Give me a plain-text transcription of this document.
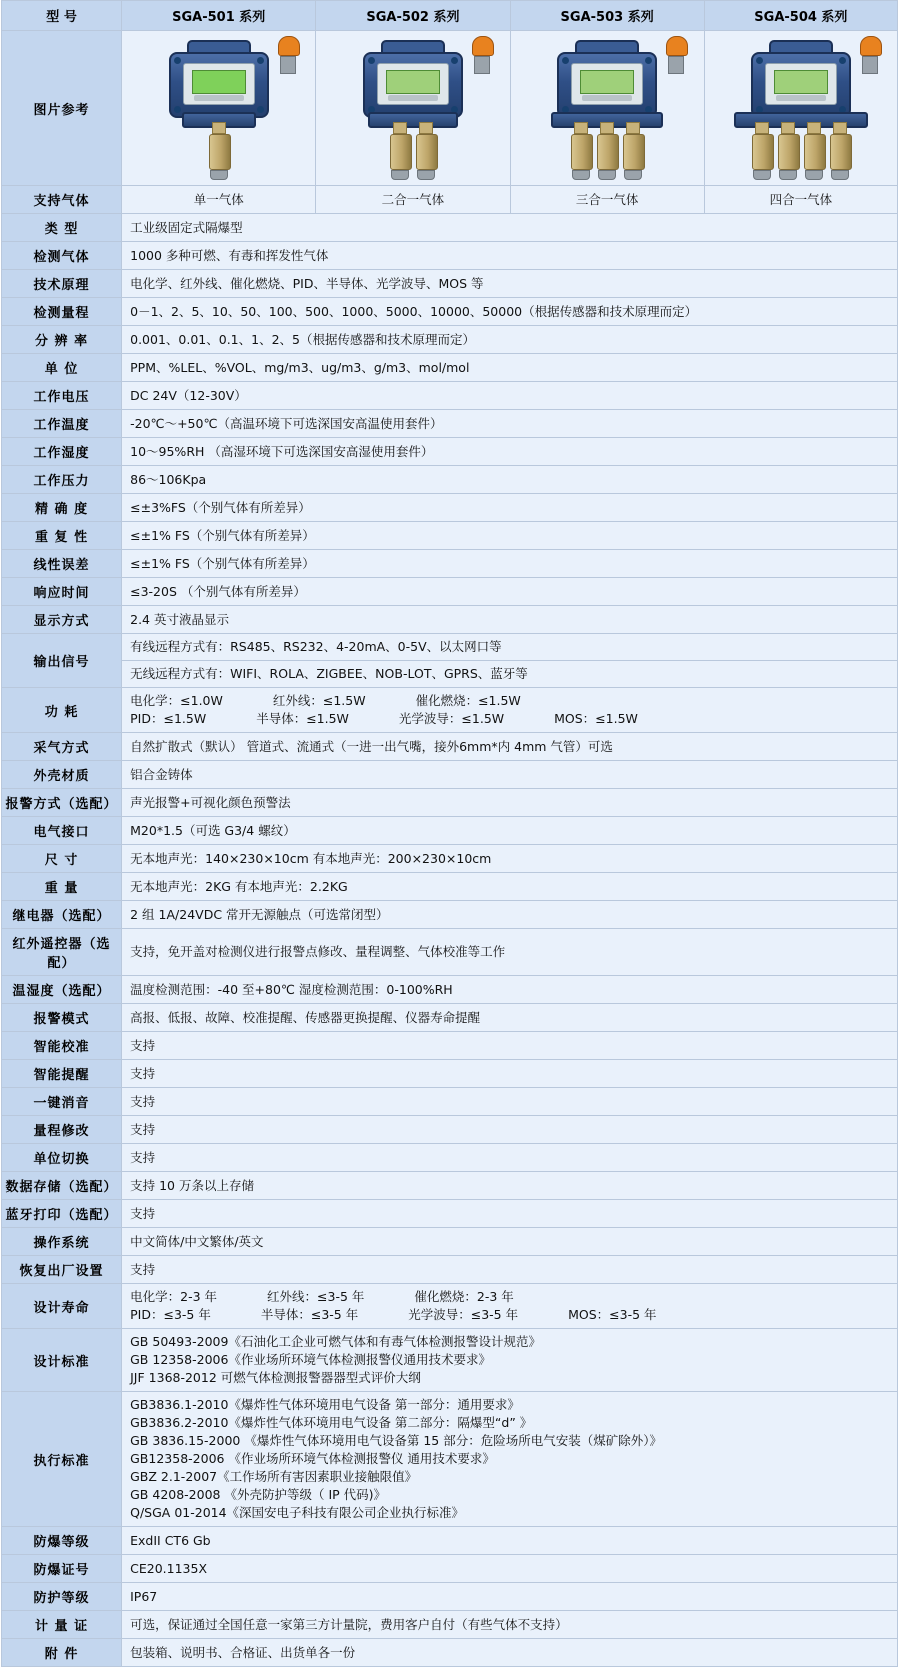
型 号	SGA-501 系列	SGA-502 系列	SGA-503 系列	SGA-504 系列
图片参考	

支持气体	单一气体	二合一气体	三合一气体	四合一气体
类 型	工业级固定式隔爆型			
检测气体	1000 多种可燃、有毒和挥发性气体			
技术原理	电化学、红外线、催化燃烧、PID、半导体、光学波导、MOS 等			
检测量程	0－1、2、5、10、50、100、500、1000、5000、10000、50000（根据传感器和技术原理而定）			
分 辨 率	0.001、0.01、0.1、1、2、5（根据传感器和技术原理而定）			
单 位	PPM、%LEL、%VOL、mg/m3、ug/m3、g/m3、mol/mol			
工作电压	DC 24V（12-30V）			
工作温度	-20℃～+50℃（高温环境下可选深国安高温使用套件）			
工作湿度	10～95%RH （高湿环境下可选深国安高湿使用套件）			
工作压力	86～106Kpa			
精 确 度	≤±3%FS（个别气体有所差异）			
重 复 性	≤±1% FS（个别气体有所差异）			
线性误差	≤±1% FS（个别气体有所差异）			
响应时间	≤3-20S （个别气体有所差异）			
显示方式	2.4 英寸液晶显示			
输出信号	有线远程方式有：RS485、RS232、4-20mA、0-5V、以太网口等			
	无线远程方式有：WIFI、ROLA、ZIGBEE、NOB-LOT、GPRS、蓝牙等			
功 耗	电化学：≤1.0W 红外线：≤1.5W 催化燃烧：≤1.5W
PID：≤1.5W 半导体：≤1.5W 光学波导：≤1.5W MOS：≤1.5W			

采气方式	自然扩散式（默认） 管道式、流通式（一进一出气嘴，接外6mm*内 4mm 气管）可选			
外壳材质	铝合金铸体			
报警方式（选配）	声光报警+可视化颜色预警法			
电气接口	M20*1.5（可选 G3/4 螺纹）			
尺 寸	无本地声光：140×230×10cm 有本地声光：200×230×10cm			
重 量	无本地声光：2KG 有本地声光：2.2KG			
继电器（选配）	2 组 1A/24VDC 常开无源触点（可选常闭型）			
红外遥控器（选配）	支持，免开盖对检测仪进行报警点修改、量程调整、气体校准等工作			
温湿度（选配）	温度检测范围：-40 至+80℃ 湿度检测范围：0-100%RH			
报警模式	高报、低报、故障、校准提醒、传感器更换提醒、仪器寿命提醒			
智能校准	支持			
智能提醒	支持			
一键消音	支持			
量程修改	支持			
单位切换	支持			
数据存储（选配）	支持 10 万条以上存储			
蓝牙打印（选配）	支持			
操作系统	中文简体/中文繁体/英文			
恢复出厂设置	支持			
设计寿命	电化学：2-3 年 红外线：≤3-5 年 催化燃烧：2-3 年
PID：≤3-5 年 半导体：≤3-5 年 光学波导：≤3-5 年 MOS：≤3-5 年			

设计标准	GB 50493-2009《石油化工企业可燃气体和有毒气体检测报警设计规范》
GB 12358-2006《作业场所环境气体检测报警仪通用技术要求》
JJF 1368-2012 可燃气体检测报警器器型式评价大纲			

执行标准	
GB3836.1-2010《爆炸性气体环境用电气设备 第一部分：通用要求》
GB3836.2-2010《爆炸性气体环境用电气设备 第二部分：隔爆型“d” 》
GB 3836.15-2000 《爆炸性气体环境用电气设备第 15 部分：危险场所电气安装（煤矿除外）》
GB12358-2006 《作业场所环境气体检测报警仪 通用技术要求》
GBZ 2.1-2007《工作场所有害因素职业接触限值》
GB 4208-2008 《外壳防护等级（ IP 代码)》
Q/SGA 01-2014《深国安电子科技有限公司企业执行标准》

防爆等级	ExdII CT6 Gb			
防爆证号	CE20.1135X			
防护等级	IP67			
计 量 证	可选，保证通过全国任意一家第三方计量院，费用客户自付（有些气体不支持）			
附 件	包装箱、说明书、合格证、出货单各一份			
